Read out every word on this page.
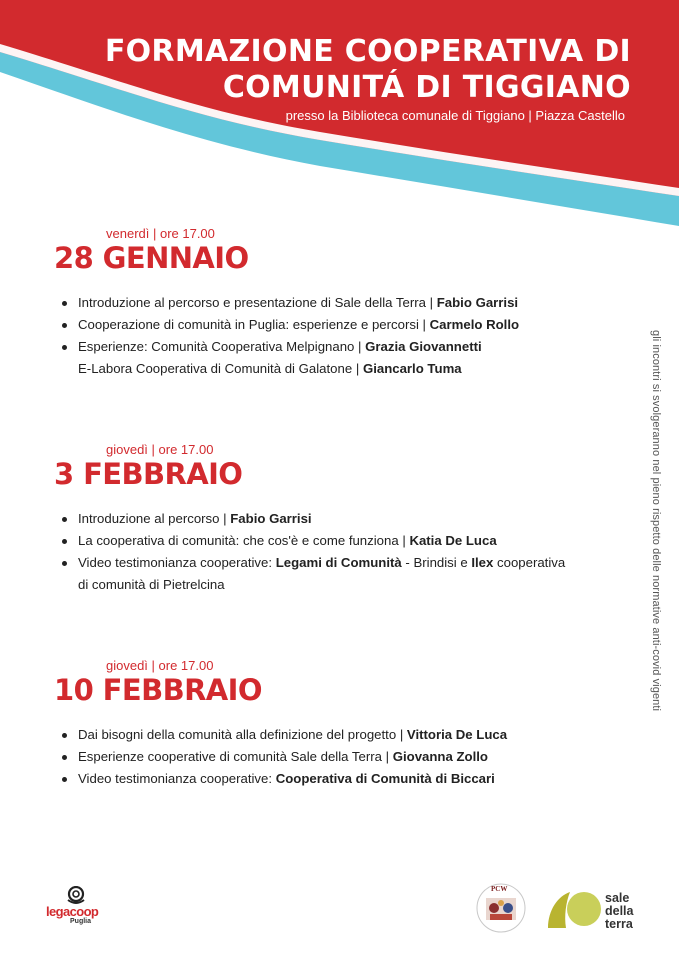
FORMAZIONE COOPERATIVA DI
COMUNITÁ DI TIGGIANO
presso la Biblioteca comunale di Tiggiano | Piazza Castello
venerdì | ore 17.00
28 GENNAIO
Introduzione al percorso e presentazione di Sale della Terra | Fabio Garrisi
Cooperazione di comunità in Puglia: esperienze e percorsi | Carmelo Rollo
Esperienze: Comunità Cooperativa Melpignano | Grazia Giovannetti
E-Labora Cooperativa di Comunità di Galatone | Giancarlo Tuma
giovedì | ore 17.00
3 FEBBRAIO
Introduzione al percorso | Fabio Garrisi
La cooperativa di comunità: che cos'è e come funziona | Katia De Luca
Video testimonianza cooperative: Legami di Comunità - Brindisi e Ilex cooperativa
di comunità di Pietrelcina
giovedì | ore 17.00
10 FEBBRAIO
Dai bisogni della comunità alla definizione del progetto | Vittoria De Luca
Esperienze cooperative di comunità Sale della Terra | Giovanna Zollo
Video testimonianza cooperative: Cooperativa di Comunità di Biccari
gli incontri si svolgeranno nel pieno rispetto delle normative anti-covid vigenti
legacoop
Puglia
PCW
sale
della
terra
